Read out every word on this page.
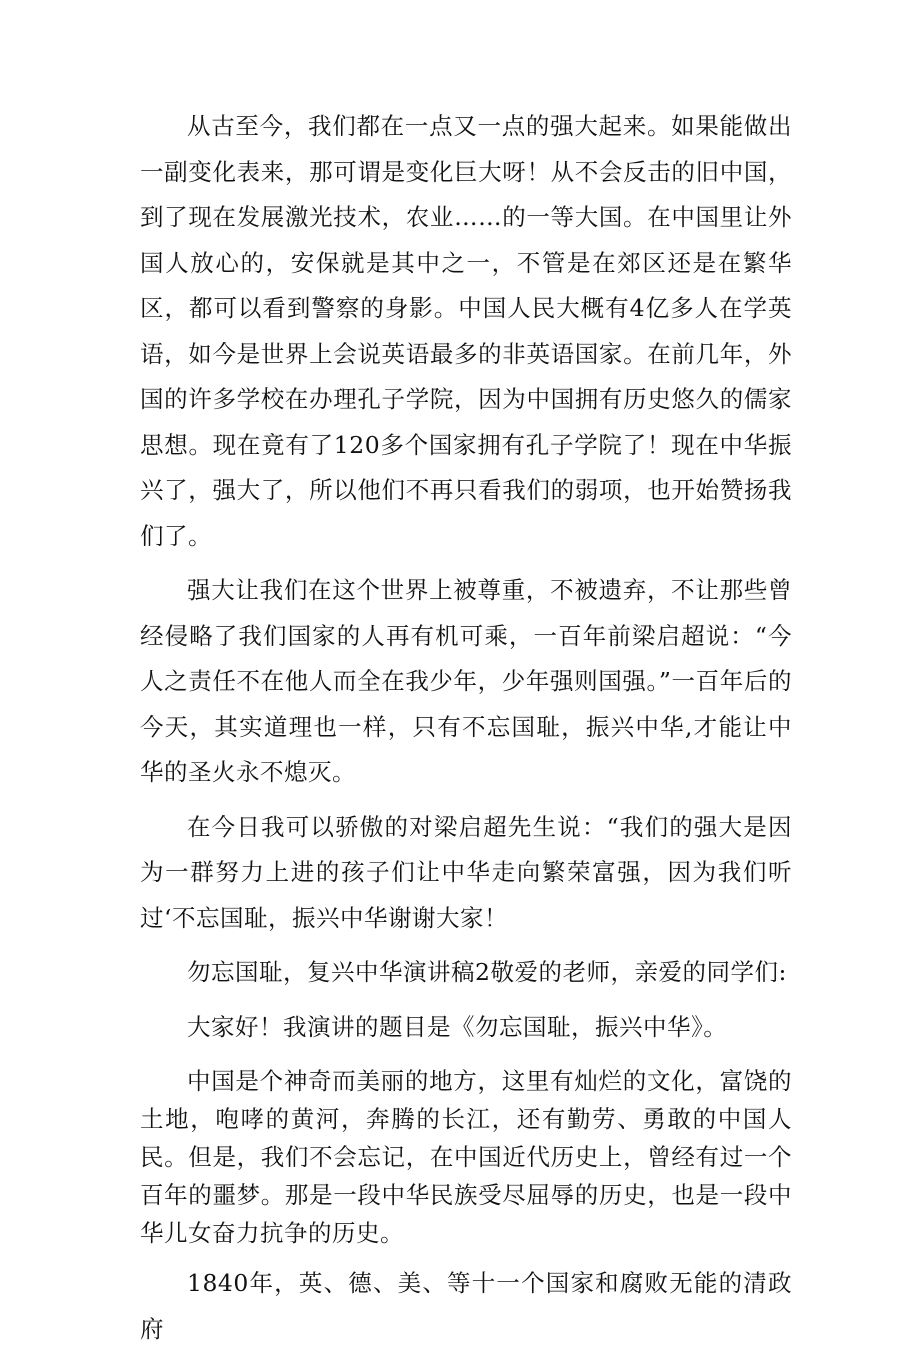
从古至今，我们都在一点又一点的强大起来。如果能做出一副变化表来，那可谓是变化巨大呀！从不会反击的旧中国，到了现在发展激光技术，农业……的一等大国。在中国里让外国人放心的，安保就是其中之一，不管是在郊区还是在繁华区，都可以看到警察的身影。中国人民大概有4亿多人在学英语，如今是世界上会说英语最多的非英语国家。在前几年，外国的许多学校在办理孔子学院，因为中国拥有历史悠久的儒家思想。现在竟有了120多个国家拥有孔子学院了！现在中华振兴了，强大了，所以他们不再只看我们的弱项，也开始赞扬我们了。

强大让我们在这个世界上被尊重，不被遗弃，不让那些曾经侵略了我们国家的人再有机可乘，一百年前梁启超说：“今人之责任不在他人而全在我少年，少年强则国强。”一百年后的今天，其实道理也一样，只有不忘国耻，振兴中华,才能让中华的圣火永不熄灭。

在今日我可以骄傲的对梁启超先生说：“我们的强大是因为一群努力上进的孩子们让中华走向繁荣富强，因为我们听过‘不忘国耻，振兴中华谢谢大家！

勿忘国耻，复兴中华演讲稿2敬爱的老师，亲爱的同学们:

大家好！我演讲的题目是《勿忘国耻，振兴中华》。

中国是个神奇而美丽的地方，这里有灿烂的文化，富饶的土地，咆哮的黄河，奔腾的长江，还有勤劳、勇敢的中国人民。但是，我们不会忘记，在中国近代历史上，曾经有过一个百年的噩梦。那是一段中华民族受尽屈辱的历史，也是一段中华儿女奋力抗争的历史。

1840年，英、德、美、等十一个国家和腐败无能的清政府
